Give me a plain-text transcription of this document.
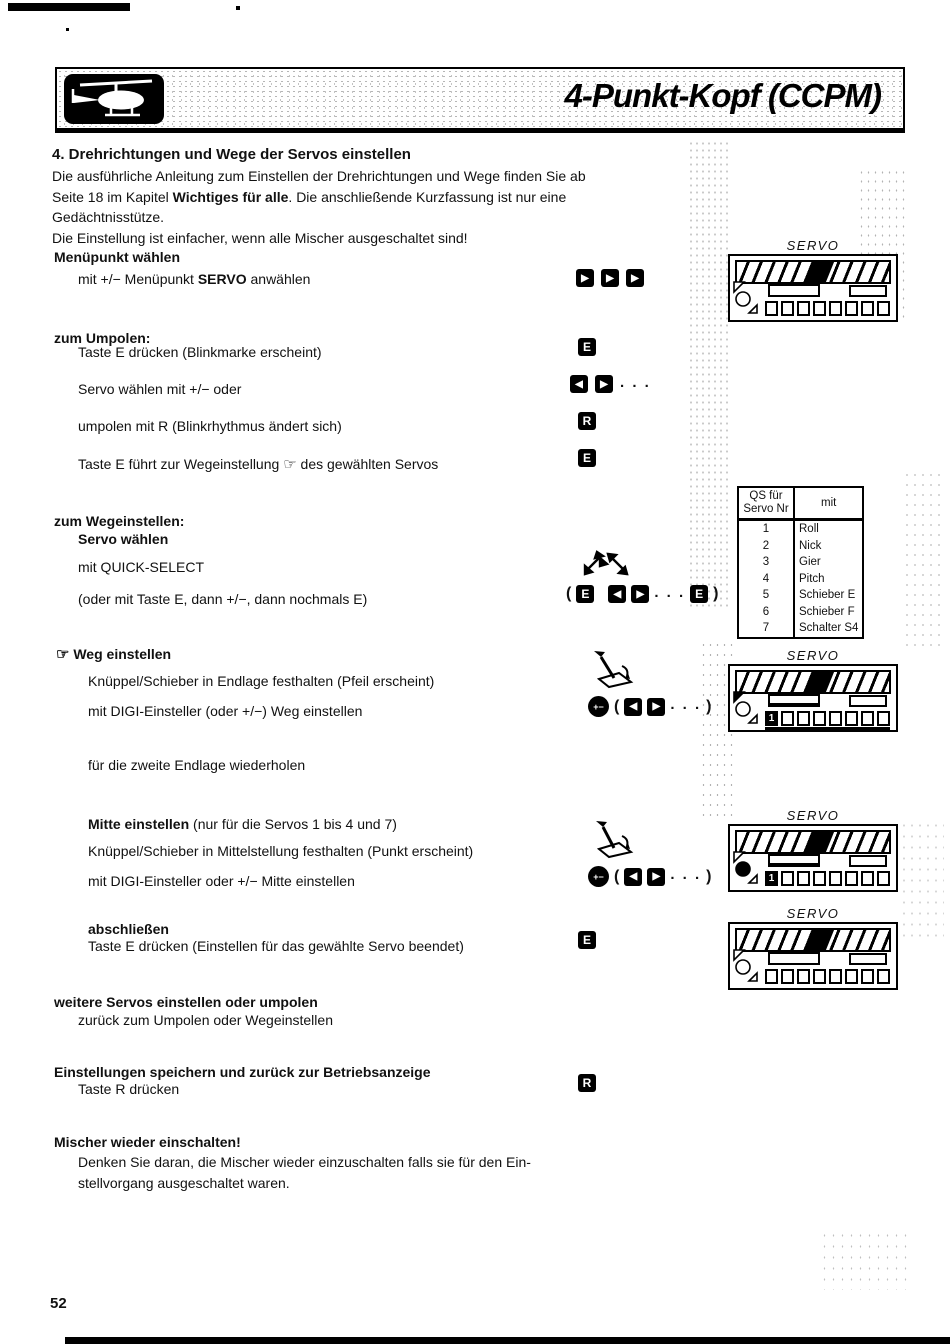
4-Punkt-Kopf (CCPM)
4. Drehrichtungen und Wege der Servos einstellen
Die ausführliche Anleitung zum Einstellen der Drehrichtungen und Wege finden Sie ab Seite 18 im Kapitel Wichtiges für alle. Die anschließende Kurzfassung ist nur eine Gedächtnisstütze.
Die Einstellung ist einfacher, wenn alle Mischer ausgeschaltet sind!
Menüpunkt wählen
mit +/− Menüpunkt SERVO anwählen	▶	▶	▶
zum Umpolen:
Taste E drücken (Blinkmarke erscheint)	E
Servo wählen mit +/− oder	◀	▶ . . .
umpolen mit R (Blinkrhythmus ändert sich)	R
Taste E führt zur Wegeinstellung ☞ des gewählten Servos	E
zum Wegeinstellen:
Servo wählen
mit QUICK-SELECT
(oder mit Taste E, dann +/−, dann nochmals E)	( E	◀	▶ . . . E )
☞ Weg einstellen
Knüppel/Schieber in Endlage festhalten (Pfeil erscheint)
mit DIGI-Einsteller (oder +/−) Weg einstellen	+− (	◀	▶ . . . )
für die zweite Endlage wiederholen
Mitte einstellen (nur für die Servos 1 bis 4 und 7)
Knüppel/Schieber in Mittelstellung festhalten (Punkt erscheint)
mit DIGI-Einsteller oder +/− Mitte einstellen	+− (	◀	▶ . . . )
abschließen
Taste E drücken (Einstellen für das gewählte Servo beendet)	E
weitere Servos einstellen oder umpolen
zurück zum Umpolen oder Wegeinstellen
Einstellungen speichern und zurück zur Betriebsanzeige
Taste R drücken	R
Mischer wieder einschalten!
Denken Sie daran, die Mischer wieder einzuschalten falls sie für den Ein-
stellvorgang ausgeschaltet waren.
SERVO
QS für
Servo Nr	mit
1	Roll
2	Nick
3	Gier
4	Pitch
5	Schieber E
6	Schieber F
7	Schalter S4
SERVO
1
SERVO
1
SERVO
52
